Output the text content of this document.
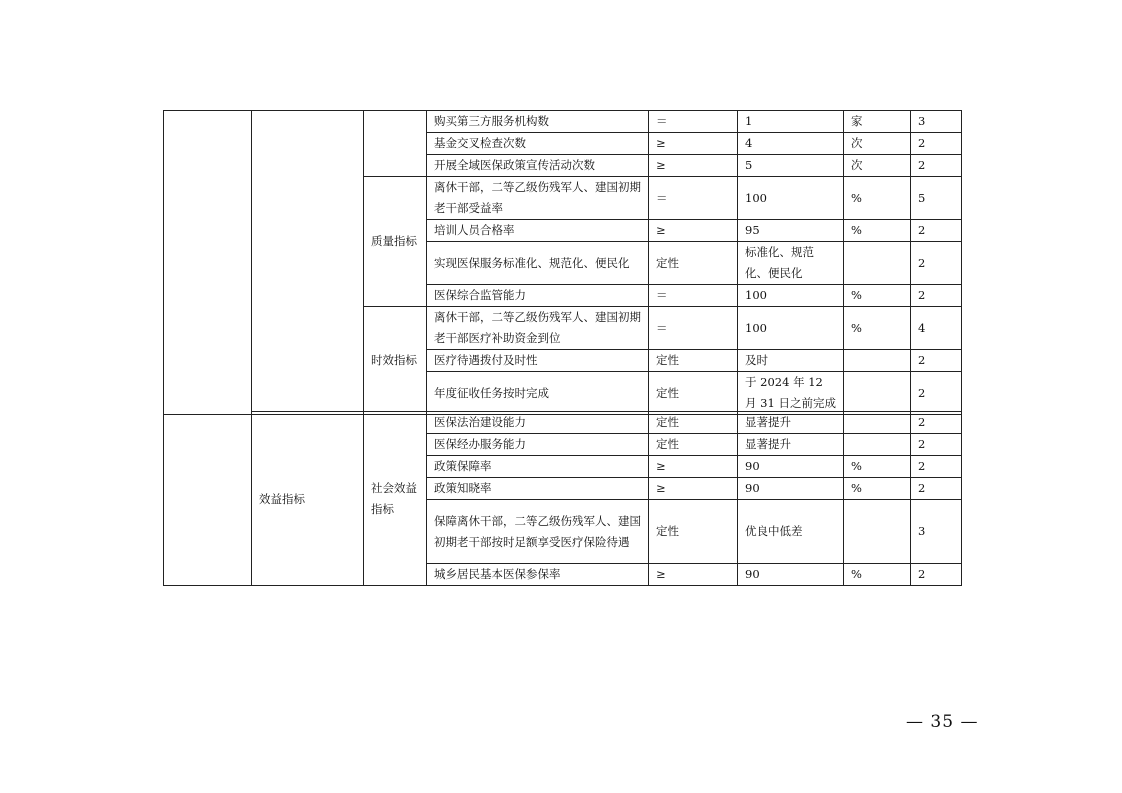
			购买第三方服务机构数	＝	1	家	3
			基金交叉检查次数	≥	4	次	2
			开展全域医保政策宣传活动次数	≥	5	次	2
		质量指标	离休干部，二等乙级伤残军人、建国初期老干部受益率	＝	100	%	5
			培训人员合格率	≥	95	%	2
			实现医保服务标准化、规范化、便民化	定性	标准化、规范化、便民化		2
			医保综合监管能力	＝	100	%	2
		时效指标	离休干部，二等乙级伤残军人、建国初期老干部医疗补助资金到位	＝	100	%	4
			医疗待遇拨付及时性	定性	及时		2
			年度征收任务按时完成	定性	于 2024 年 12 月 31 日之前完成		2
	效益指标	社会效益指标	医保法治建设能力	定性	显著提升		2
			医保经办服务能力	定性	显著提升		2
			政策保障率	≥	90	%	2
			政策知晓率	≥	90	%	2
			保障离休干部，二等乙级伤残军人、建国初期老干部按时足额享受医疗保险待遇	定性	优良中低差		3
			城乡居民基本医保参保率	≥	90	%	2
— 35 —
